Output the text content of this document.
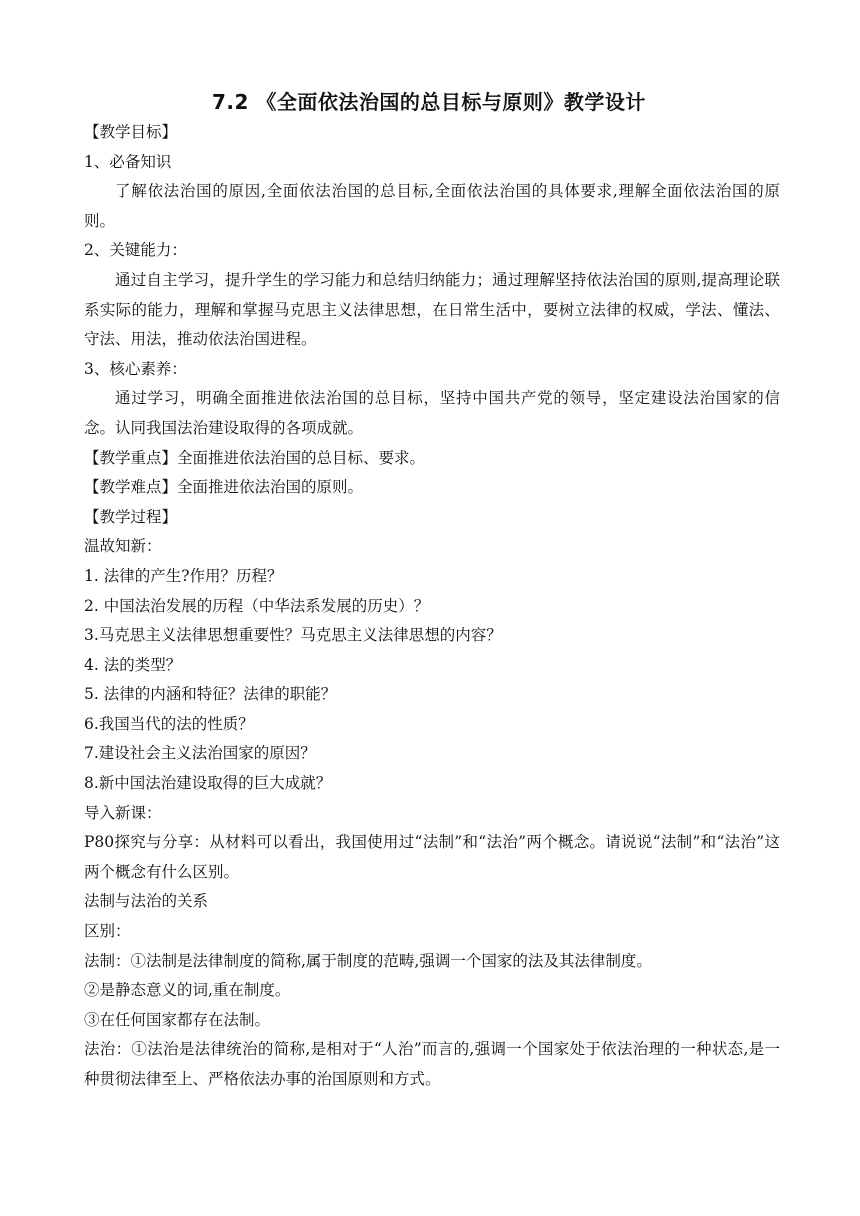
7.2 《全面依法治国的总目标与原则》教学设计

【教学目标】

1、必备知识

了解依法治国的原因,全面依法治国的总目标,全面依法治国的具体要求,理解全面依法治国的原则。

2、关键能力：

通过自主学习，提升学生的学习能力和总结归纳能力；通过理解坚持依法治国的原则,提高理论联系实际的能力，理解和掌握马克思主义法律思想，在日常生活中，要树立法律的权威，学法、懂法、守法、用法，推动依法治国进程。

3、核心素养：

通过学习，明确全面推进依法治国的总目标，坚持中国共产党的领导，坚定建设法治国家的信念。认同我国法治建设取得的各项成就。

【教学重点】全面推进依法治国的总目标、要求。

【教学难点】全面推进依法治国的原则。

【教学过程】

温故知新：

1. 法律的产生?作用？历程？

2. 中国法治发展的历程（中华法系发展的历史）？

3.马克思主义法律思想重要性？马克思主义法律思想的内容？

4. 法的类型？

5. 法律的内涵和特征？法律的职能？

6.我国当代的法的性质？

7.建设社会主义法治国家的原因？

8.新中国法治建设取得的巨大成就？

导入新课：

P80探究与分享：从材料可以看出，我国使用过“法制”和“法治”两个概念。请说说“法制”和“法治”这两个概念有什么区别。

法制与法治的关系

区别：

法制：①法制是法律制度的简称,属于制度的范畴,强调一个国家的法及其法律制度。

②是静态意义的词,重在制度。

③在任何国家都存在法制。

法治：①法治是法律统治的简称,是相对于“人治”而言的,强调一个国家处于依法治理的一种状态,是一种贯彻法律至上、严格依法办事的治国原则和方式。
